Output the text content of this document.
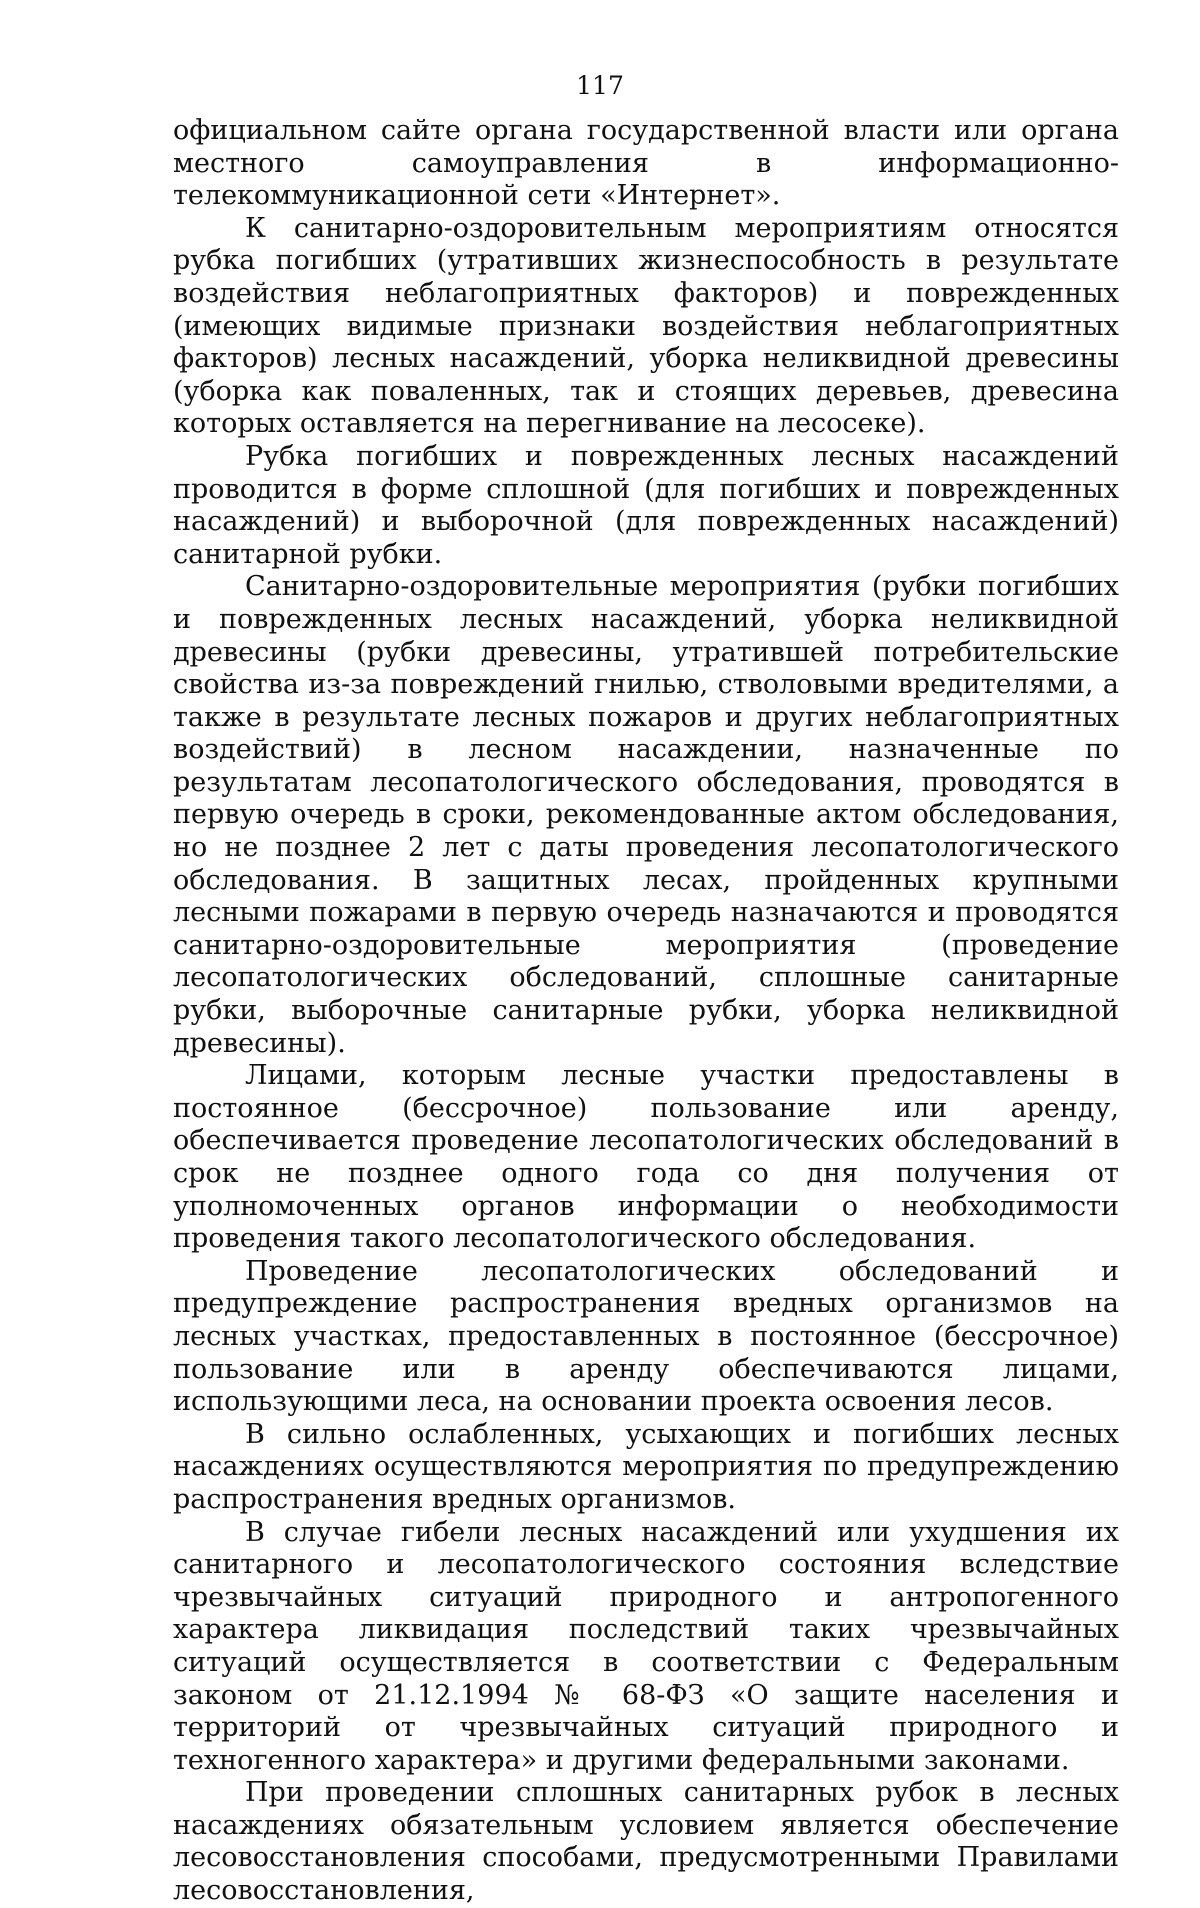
117

официальном сайте органа государственной власти или органа местного самоуправления в информационно-телекоммуникационной сети «Интернет».

К санитарно-оздоровительным мероприятиям относятся рубка погибших (утративших жизнеспособность в результате воздействия неблагоприятных факторов) и поврежденных (имеющих видимые признаки воздействия неблагоприятных факторов) лесных насаждений, уборка неликвидной древесины (уборка как поваленных, так и стоящих деревьев, древесина которых оставляется на перегнивание на лесосеке).

Рубка погибших и поврежденных лесных насаждений проводится в форме сплошной (для погибших и поврежденных насаждений) и выборочной (для поврежденных насаждений) санитарной рубки.

Санитарно-оздоровительные мероприятия (рубки погибших и поврежденных лесных насаждений, уборка неликвидной древесины (рубки древесины, утратившей потребительские свойства из-за повреждений гнилью, стволовыми вредителями, а также в результате лесных пожаров и других неблагоприятных воздействий) в лесном насаждении, назначенные по результатам лесопатологического обследования, проводятся в первую очередь в сроки, рекомендованные актом обследования, но не позднее 2 лет с даты проведения лесопатологического обследования. В защитных лесах, пройденных крупными лесными пожарами в первую очередь назначаются и проводятся санитарно-оздоровительные мероприятия (проведение лесопатологических обследований, сплошные санитарные рубки, выборочные санитарные рубки, уборка неликвидной древесины).

Лицами, которым лесные участки предоставлены в постоянное (бессрочное) пользование или аренду, обеспечивается проведение лесопатологических обследований в срок не позднее одного года со дня получения от уполномоченных органов информации о необходимости проведения такого лесопатологического обследования.

Проведение лесопатологических обследований и предупреждение распространения вредных организмов на лесных участках, предоставленных в постоянное (бессрочное) пользование или в аренду обеспечиваются лицами, использующими леса, на основании проекта освоения лесов.

В сильно ослабленных, усыхающих и погибших лесных насаждениях осуществляются мероприятия по предупреждению распространения вредных организмов.

В случае гибели лесных насаждений или ухудшения их санитарного и лесопатологического состояния вследствие чрезвычайных ситуаций природного и антропогенного характера ликвидация последствий таких чрезвычайных ситуаций осуществляется в соответствии с Федеральным законом от 21.12.1994 № 68-ФЗ «О защите населения и территорий от чрезвычайных ситуаций природного и техногенного характера» и другими федеральными законами.

При проведении сплошных санитарных рубок в лесных насаждениях обязательным условием является обеспечение лесовосстановления способами, предусмотренными Правилами лесовосстановления,
